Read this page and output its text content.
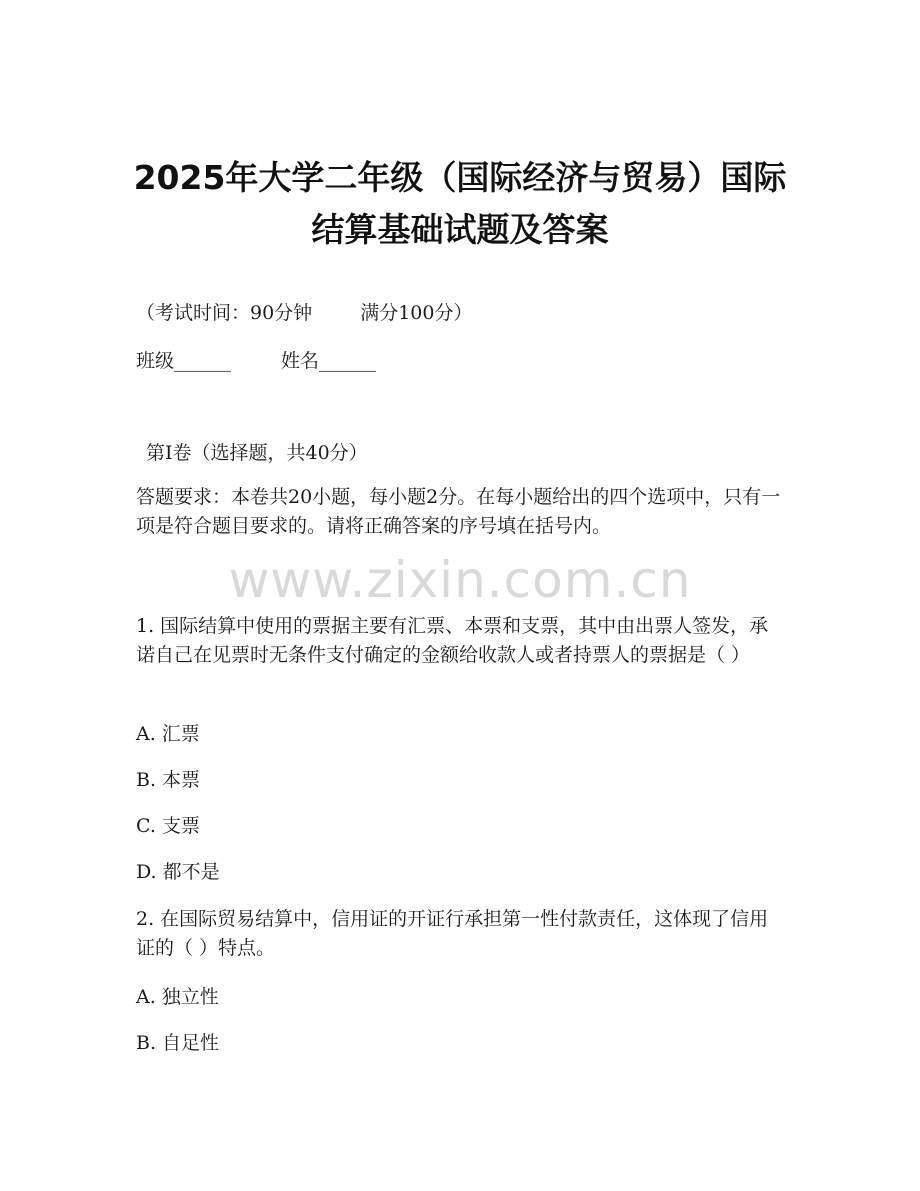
2025年大学二年级（国际经济与贸易）国际
结算基础试题及答案

（考试时间：90分钟	满分100分）

班级______	姓名______

第I卷（选择题，共40分）

答题要求：本卷共20小题，每小题2分。在每小题给出的四个选项中，只有一项是符合题目要求的。请将正确答案的序号填在括号内。

www.zixin.com.cn

1. 国际结算中使用的票据主要有汇票、本票和支票，其中由出票人签发，承诺自己在见票时无条件支付确定的金额给收款人或者持票人的票据是（ ）

A. 汇票

B. 本票

C. 支票

D. 都不是

2. 在国际贸易结算中，信用证的开证行承担第一性付款责任，这体现了信用证的（ ）特点。

A. 独立性

B. 自足性
